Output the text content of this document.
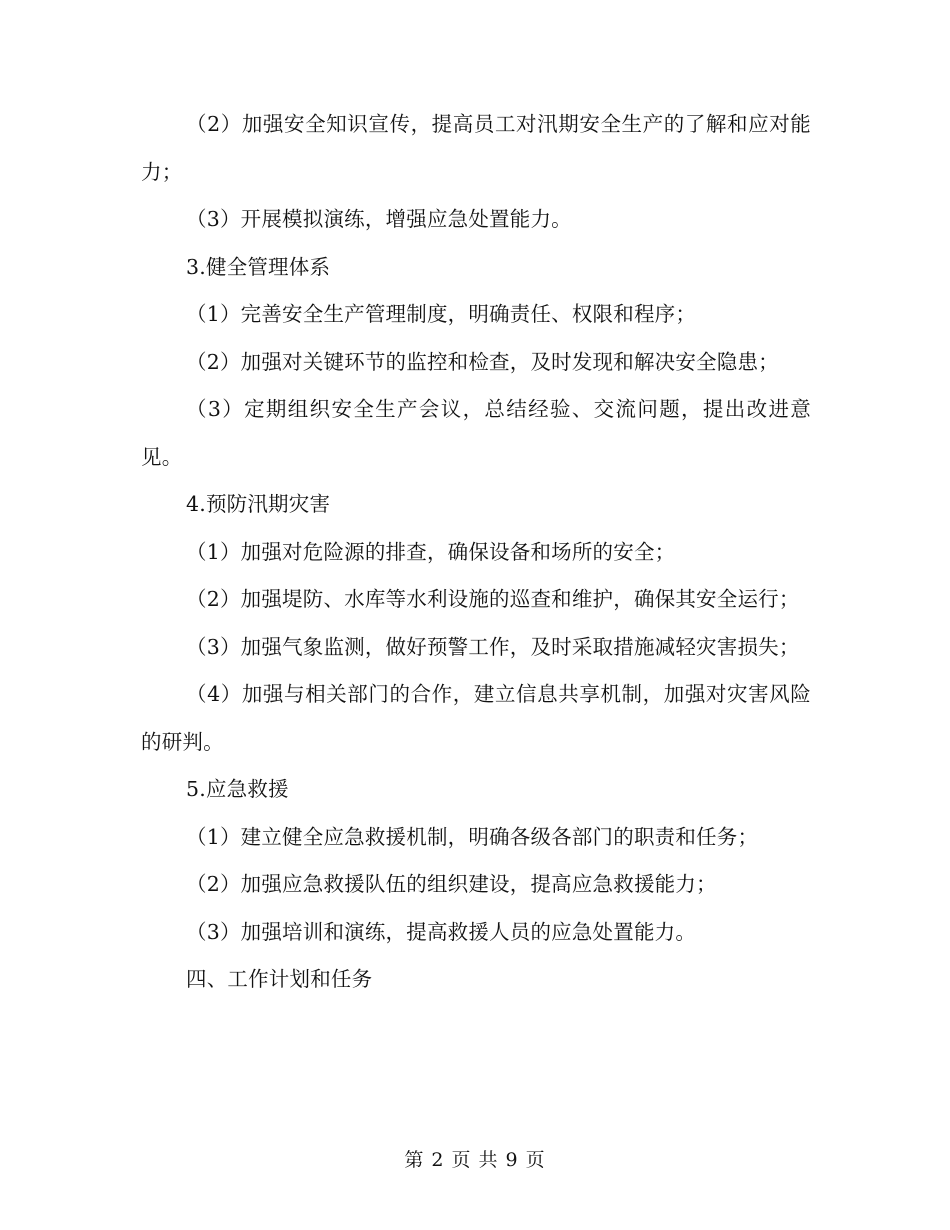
（2）加强安全知识宣传，提高员工对汛期安全生产的了解和应对能力；

（3）开展模拟演练，增强应急处置能力。

3.健全管理体系

（1）完善安全生产管理制度，明确责任、权限和程序；

（2）加强对关键环节的监控和检查，及时发现和解决安全隐患；

（3）定期组织安全生产会议，总结经验、交流问题，提出改进意见。

4.预防汛期灾害

（1）加强对危险源的排查，确保设备和场所的安全；

（2）加强堤防、水库等水利设施的巡查和维护，确保其安全运行；

（3）加强气象监测，做好预警工作，及时采取措施减轻灾害损失；

（4）加强与相关部门的合作，建立信息共享机制，加强对灾害风险的研判。

5.应急救援

（1）建立健全应急救援机制，明确各级各部门的职责和任务；

（2）加强应急救援队伍的组织建设，提高应急救援能力；

（3）加强培训和演练，提高救援人员的应急处置能力。

四、工作计划和任务

第 2 页 共 9 页
